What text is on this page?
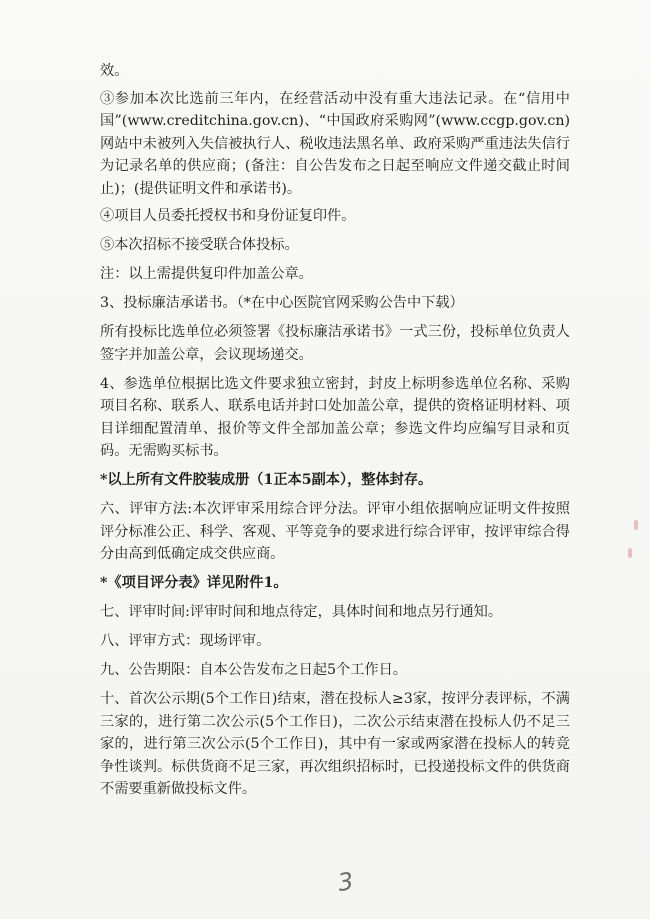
效。

③参加本次比选前三年内，在经营活动中没有重大违法记录。在“信用中国”(www.creditchina.gov.cn)、“中国政府采购网”(www.ccgp.gov.cn)网站中未被列入失信被执行人、税收违法黑名单、政府采购严重违法失信行为记录名单的供应商；(备注：自公告发布之日起至响应文件递交截止时间止)；(提供证明文件和承诺书)。

④项目人员委托授权书和身份证复印件。

⑤本次招标不接受联合体投标。

注：以上需提供复印件加盖公章。

3、投标廉洁承诺书。（*在中心医院官网采购公告中下载）

所有投标比选单位必须签署《投标廉洁承诺书》一式三份，投标单位负责人签字并加盖公章，会议现场递交。

4、参选单位根据比选文件要求独立密封，封皮上标明参选单位名称、采购项目名称、联系人、联系电话并封口处加盖公章，提供的资格证明材料、项目详细配置清单、报价等文件全部加盖公章；参选文件均应编写目录和页码。无需购买标书。

*以上所有文件胶装成册（1正本5副本），整体封存。

六、评审方法:本次评审采用综合评分法。评审小组依据响应证明文件按照评分标准公正、科学、客观、平等竞争的要求进行综合评审，按评审综合得分由高到低确定成交供应商。

*《项目评分表》详见附件1。

七、评审时间:评审时间和地点待定，具体时间和地点另行通知。

八、评审方式：现场评审。

九、公告期限：自本公告发布之日起5个工作日。

十、首次公示期(5个工作日)结束，潜在投标人≥3家，按评分表评标，不满三家的，进行第二次公示(5个工作日)，二次公示结束潜在投标人仍不足三家的，进行第三次公示(5个工作日)，其中有一家或两家潜在投标人的转竞争性谈判。标供货商不足三家，再次组织招标时，已投递投标文件的供货商不需要重新做投标文件。

3
